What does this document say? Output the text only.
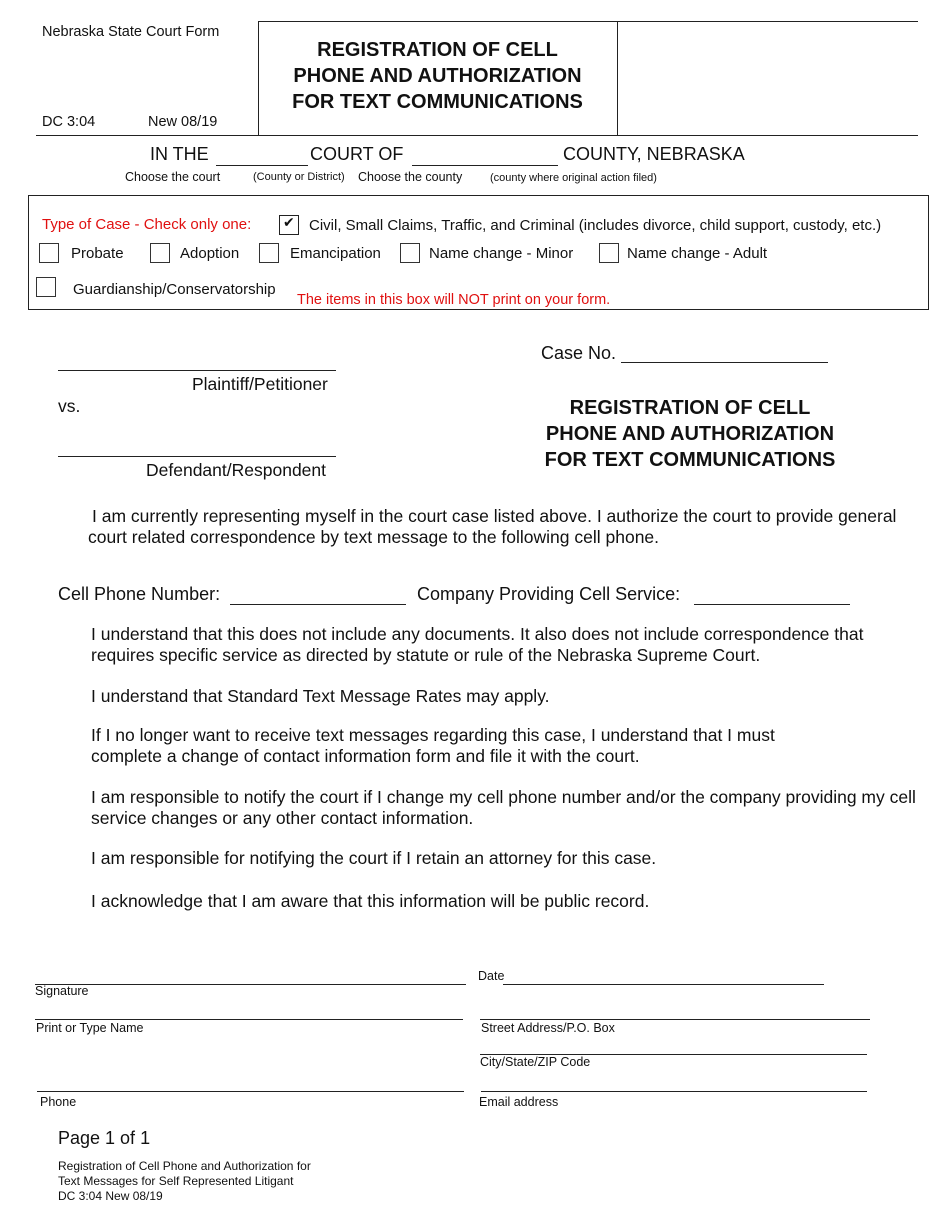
Nebraska State Court Form
DC 3:04	New 08/19
REGISTRATION OF CELL
PHONE AND AUTHORIZATION
FOR TEXT COMMUNICATIONS
IN THE	COURT OF	COUNTY, NEBRASKA
Choose the court	(County or District) Choose the county	(county where original action filed)
Type of Case - Check only one: ✔ Civil, Small Claims, Traffic, and Criminal (includes divorce, child support, custody, etc.)
Probate	Adoption	Emancipation	Name change - Minor	Name change - Adult
Guardianship/Conservatorship
The items in this box will NOT print on your form.
Plaintiff/Petitioner
vs.
Defendant/Respondent
Case No.
REGISTRATION OF CELL
PHONE AND AUTHORIZATION
FOR TEXT COMMUNICATIONS
I am currently representing myself in the court case listed above. I authorize the court to provide general court related correspondence by text message to the following cell phone.
Cell Phone Number:	Company Providing Cell Service:
I understand that this does not include any documents. It also does not include correspondence that requires specific service as directed by statute or rule of the Nebraska Supreme Court.
I understand that Standard Text Message Rates may apply.
If I no longer want to receive text messages regarding this case, I understand that I must complete a change of contact information form and file it with the court.
I am responsible to notify the court if I change my cell phone number and/or the company providing my cell service changes or any other contact information.
I am responsible for notifying the court if I retain an attorney for this case.
I acknowledge that I am aware that this information will be public record.
Signature
Date
Print or Type Name	Street Address/P.O. Box
City/State/ZIP Code
Phone	Email address
Page 1 of 1
Registration of Cell Phone and Authorization for
Text Messages for Self Represented Litigant
DC 3:04 New 08/19
